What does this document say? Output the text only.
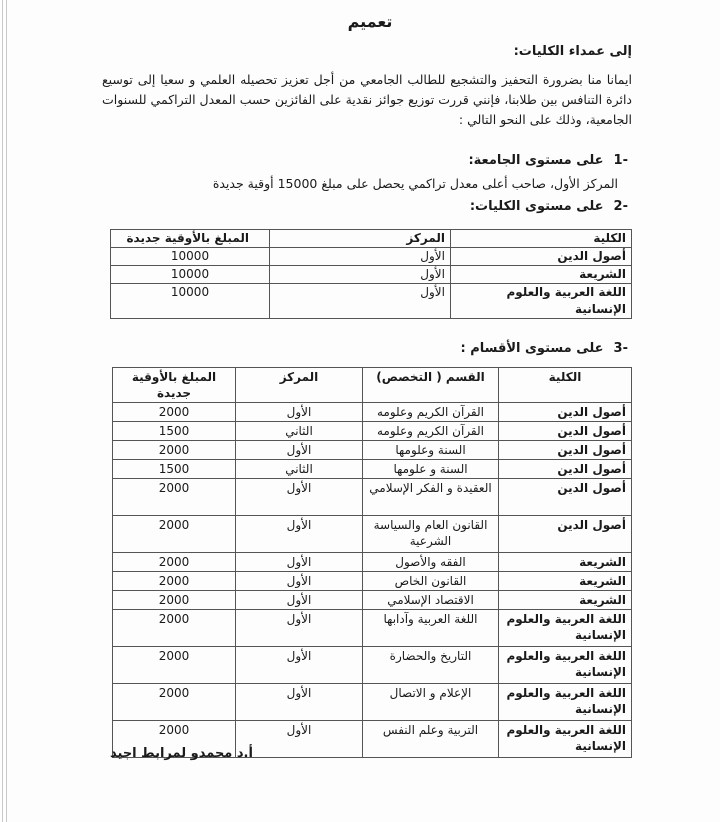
تعميم
إلى عمداء الكليات:
ايمانا منا بضرورة التحفيز والتشجيع للطالب الجامعي من أجل تعزيز تحصيله العلمي و سعيا إلى توسيع دائرة التنافس بين طلابنا، فإنني قررت توزيع جوائز نقدية على الفائزين حسب المعدل التراكمي للسنوات الجامعية، وذلك على النحو التالي :
-1على مستوى الجامعة:
المركز الأول، صاحب أعلى معدل تراكمي يحصل على مبلغ 15000 أوقية جديدة
-2على مستوى الكليات:
الكلية	المركز	المبلغ بالأوقية جديدة
أصول الدين	الأول	10000
الشريعة	الأول	10000
اللغة العربية والعلوم الإنسانية	الأول	10000
-3على مستوى الأقسام :
الكلية	القسم ( التخصص)	المركز	المبلغ بالأوقية جديدة
أصول الدين	القرآن الكريم وعلومه	الأول	2000
أصول الدين	القرآن الكريم وعلومه	الثاني	1500
أصول الدين	السنة وعلومها	الأول	2000
أصول الدين	السنة و علومها	الثاني	1500
أصول الدين	العقيدة و الفكر الإسلامي	الأول	2000
أصول الدين	القانون العام والسياسة الشرعية	الأول	2000
الشريعة	الفقه والأصول	الأول	2000
الشريعة	القانون الخاص	الأول	2000
الشريعة	الاقتصاد الإسلامي	الأول	2000
اللغة العربية والعلوم الإنسانية	اللغة العربية وآدابها	الأول	2000
اللغة العربية والعلوم الإنسانية	التاريخ والحضارة	الأول	2000
اللغة العربية والعلوم الإنسانية	الإعلام و الاتصال	الأول	2000
اللغة العربية والعلوم الإنسانية	التربية وعلم النفس	الأول	2000
أ.د محمدو لمرابط اجيد
